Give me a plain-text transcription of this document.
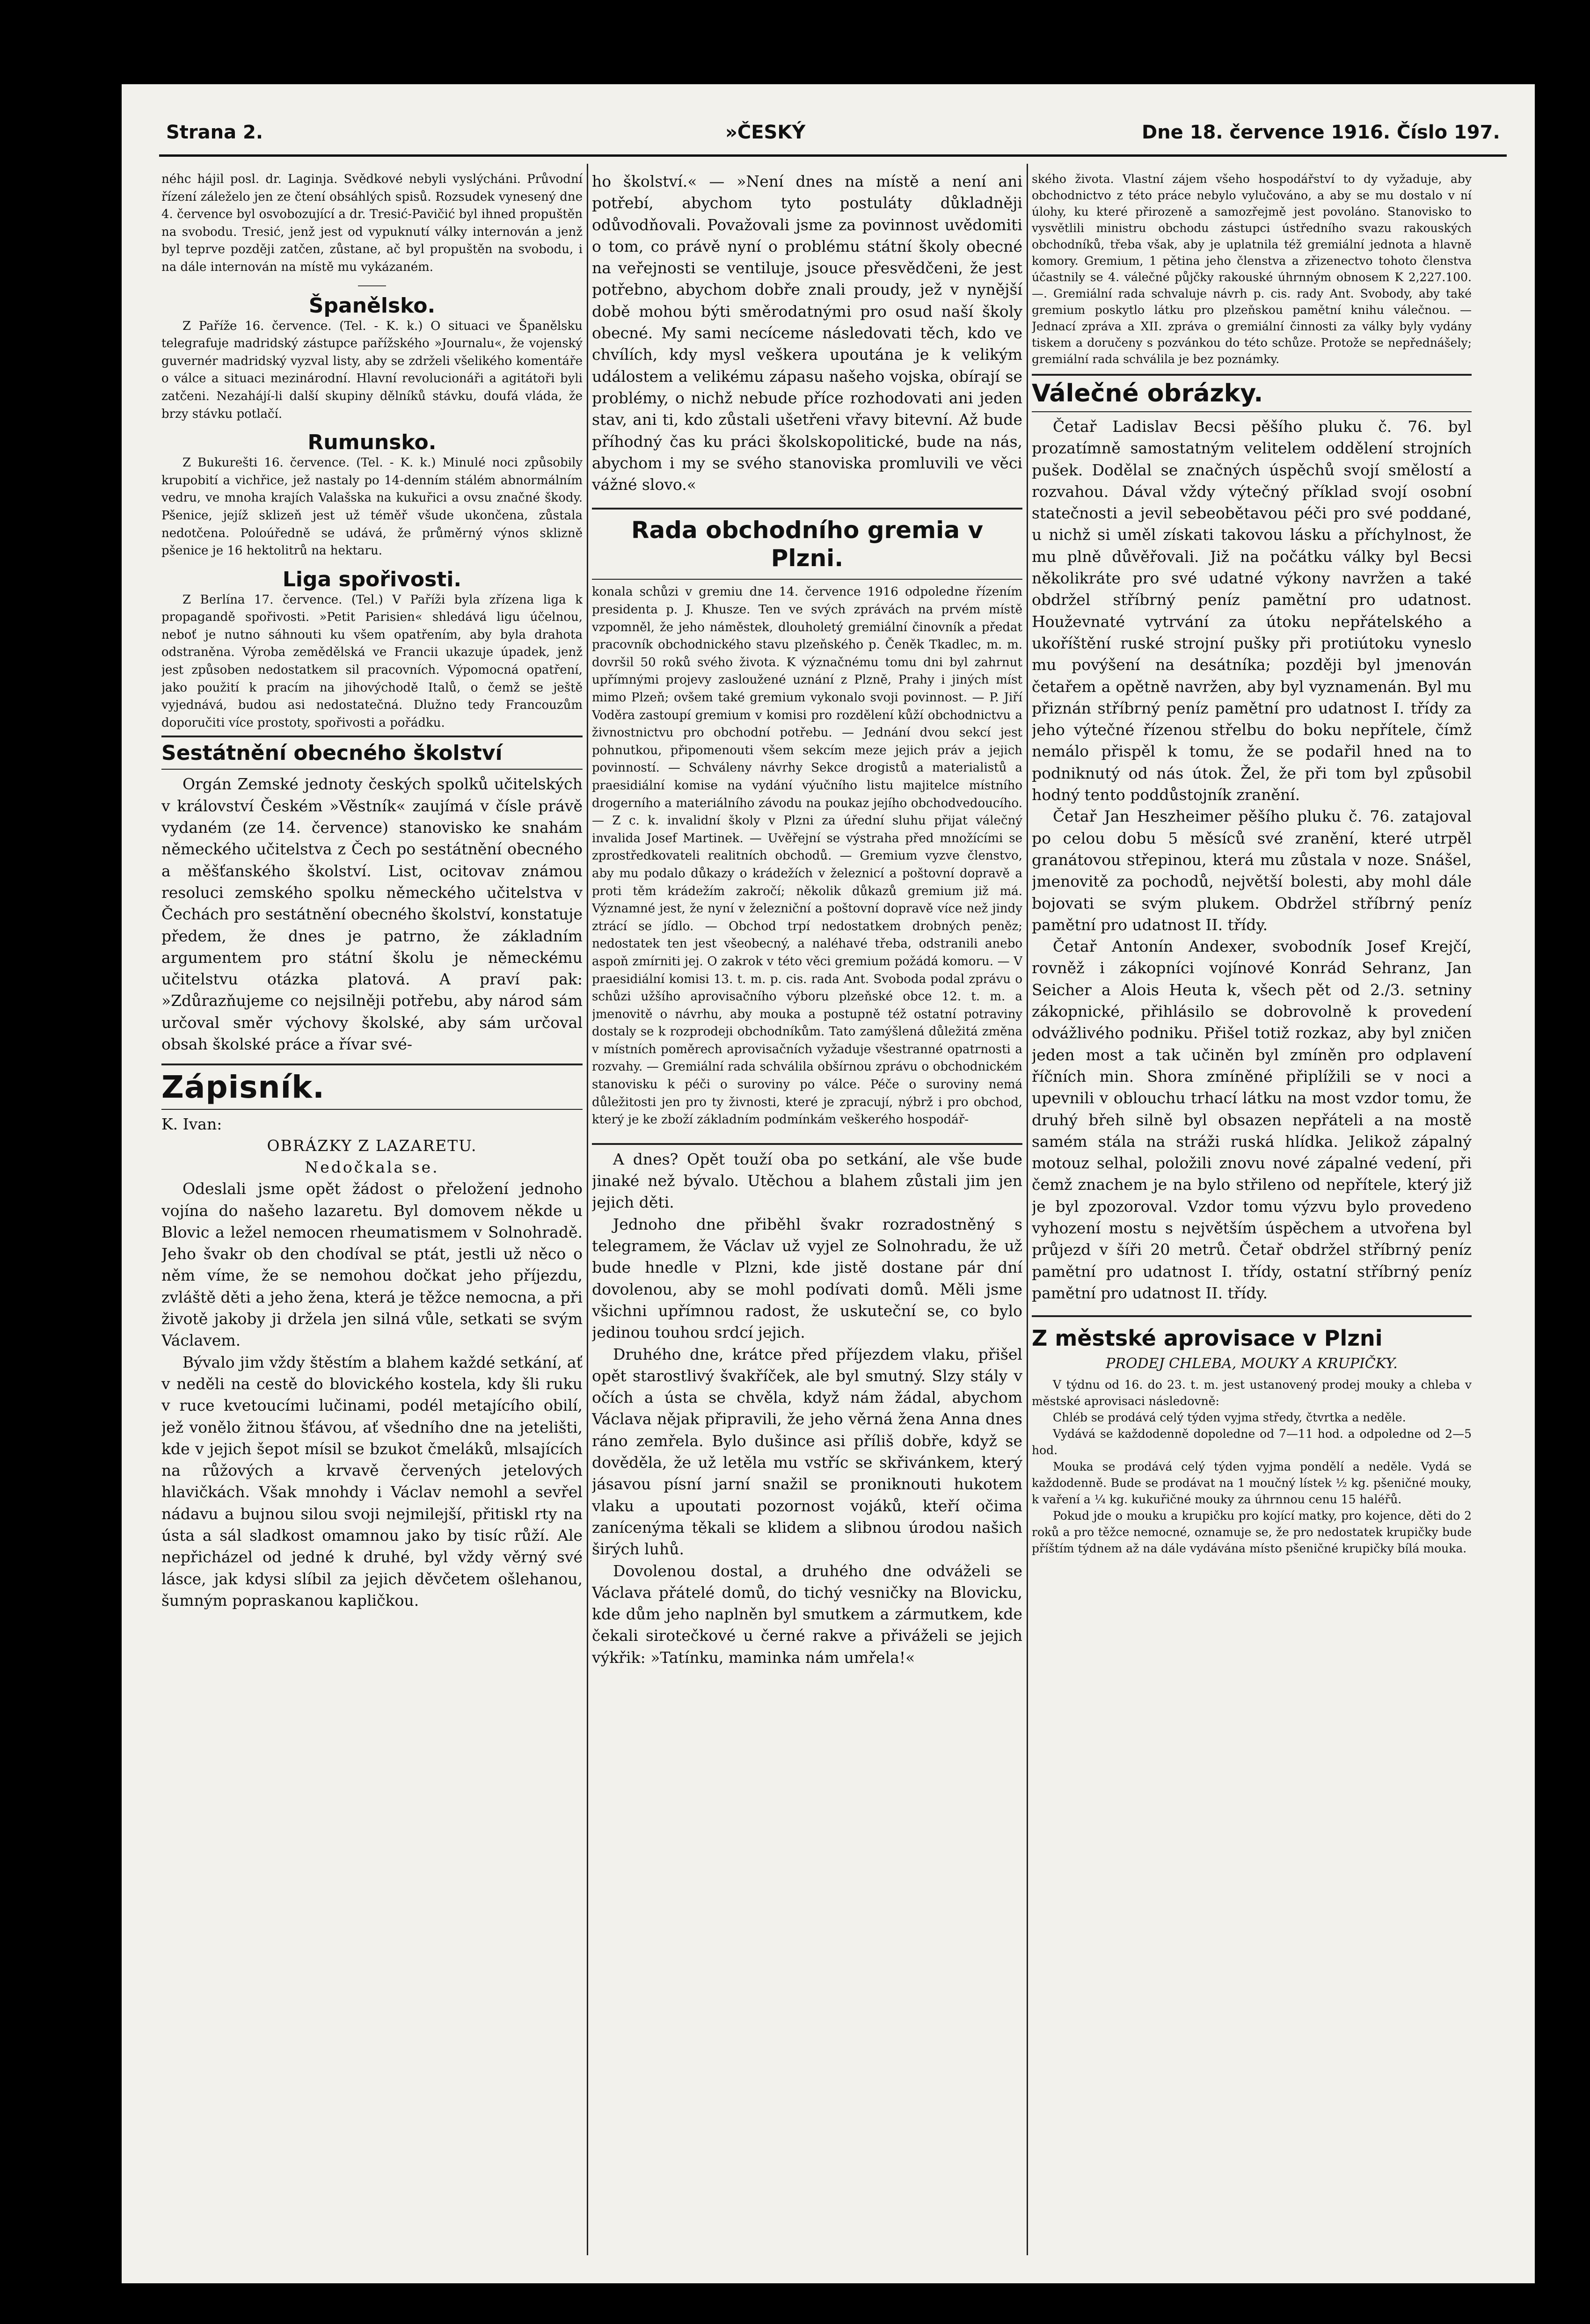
Strana 2.	»ČESKÝ	Dne 18. července 1916. Číslo 197.

néhc hájil posl. dr. Laginja. Svědkové nebyli vyslýcháni. Průvodní řízení záleželo jen ze čtení obsáhlých spisů. Rozsudek vynesený dne 4. července byl osvobozující a dr. Tresić-Pavičić byl ihned propuštěn na svobodu. Tresić, jenž jest od vypuknutí války internován a jenž byl teprve později zatčen, zůstane, ač byl propuštěn na svobodu, i na dále internován na místě mu vykázaném.

Španělsko.

Z Paříže 16. července. (Tel. - K. k.) O situaci ve Španělsku telegrafuje madridský zástupce pařížského »Journalu«, že vojenský guvernér madridský vyzval listy, aby se zdrželi všelikého komentáře o válce a situaci mezinárodní. Hlavní revolucionáři a agitátoři byli zatčeni. Nezahájí-li další skupiny dělníků stávku, doufá vláda, že brzy stávku potlačí.

Rumunsko.

Z Bukurešti 16. července. (Tel. - K. k.) Minulé noci způsobily krupobití a vichřice, jež nastaly po 14-denním stálém abnormálním vedru, ve mnoha krajích Valašska na kukuřici a ovsu značné škody. Pšenice, jejíž sklizeň jest už téměř všude ukončena, zůstala nedotčena. Poloúředně se udává, že průměrný výnos sklizně pšenice je 16 hektolitrů na hektaru.

Liga spořivosti.

Z Berlína 17. července. (Tel.) V Paříži byla zřízena liga k propagandě spořivosti. »Petit Parisien« shledává ligu účelnou, neboť je nutno sáhnouti ku všem opatřením, aby byla drahota odstraněna. Výroba zemědělská ve Francii ukazuje úpadek, jenž jest způsoben nedostatkem sil pracovních. Výpomocná opatření, jako použití k pracím na jihovýchodě Italů, o čemž se ještě vyjednává, budou asi nedostatečná. Dlužno tedy Francouzům doporučiti více prostoty, spořivosti a pořádku.

Sestátnění obecného školství

Orgán Zemské jednoty českých spolků učitelských v království Českém »Věstník« zaujímá v čísle právě vydaném (ze 14. července) stanovisko ke snahám německého učitelstva z Čech po sestátnění obecného a měšťanského školství. List, ocitovav známou resoluci zemského spolku německého učitelstva v Čechách pro sestátnění obecného školství, konstatuje předem, že dnes je patrno, že základním argumentem pro státní školu je německému učitelstvu otázka platová. A praví pak: »Zdůrazňujeme co nejsilněji potřebu, aby národ sám určoval směr výchovy školské, aby sám určoval obsah školské práce a řívar své-

Zápisník.

K. Ivan:

OBRÁZKY Z LAZARETU.

Nedočkala se.

Odeslali jsme opět žádost o přeložení jednoho vojína do našeho lazaretu. Byl domovem někde u Blovic a ležel nemocen rheumatismem v Solnohradě. Jeho švakr ob den chodíval se ptát, jestli už něco o něm víme, že se nemohou dočkat jeho příjezdu, zvláště děti a jeho žena, která je těžce nemocna, a při životě jakoby ji držela jen silná vůle, setkati se svým Václavem.

Bývalo jim vždy štěstím a blahem každé setkání, ať v neděli na cestě do blovického kostela, kdy šli ruku v ruce kvetoucími lučinami, podél metajícího obilí, jež vonělo žitnou šťávou, ať všedního dne na jetelišti, kde v jejich šepot mísil se bzukot čmeláků, mlsajících na růžových a krvavě červených jetelových hlavičkách. Však mnohdy i Václav nemohl a sevřel nádavu a bujnou silou svoji nejmilejší, přitiskl rty na ústa a sál sladkost omamnou jako by tisíc růží. Ale nepřicházel od jedné k druhé, byl vždy věrný své lásce, jak kdysi slíbil za jejich děvčetem ošlehanou, šumným popraskanou kapličkou.

ho školství.« — »Není dnes na místě a není ani potřebí, abychom tyto postuláty důkladněji odůvodňovali. Považovali jsme za povinnost uvědomiti o tom, co právě nyní o problému státní školy obecné na veřejnosti se ventiluje, jsouce přesvědčeni, že jest potřebno, abychom dobře znali proudy, jež v nynější době mohou býti směrodatnými pro osud naší školy obecné. My sami necíceme následovati těch, kdo ve chvílích, kdy mysl veškera upoutána je k velikým událostem a velikému zápasu našeho vojska, obírají se problémy, o nichž nebude příce rozhodovati ani jeden stav, ani ti, kdo zůstali ušetřeni vřavy bitevní. Až bude příhodný čas ku práci školskopolitické, bude na nás, abychom i my se svého stanoviska promluvili ve věci vážné slovo.«

Rada obchodního gremia v Plzni.

konala schůzi v gremiu dne 14. července 1916 odpoledne řízením presidenta p. J. Khusze. Ten ve svých zprávách na prvém místě vzpomněl, že jeho náměstek, dlouholetý gremiální činovník a předat pracovník obchodnického stavu plzeňského p. Čeněk Tkadlec, m. m. dovršil 50 roků svého života. K význačnému tomu dni byl zahrnut upřímnými projevy zasloužené uznání z Plzně, Prahy i jiných míst mimo Plzeň; ovšem také gremium vykonalo svoji povinnost. — P. Jiří Voděra zastoupí gremium v komisi pro rozdělení kůží obchodnictvu a živnostnictvu pro obchodní potřebu. — Jednání dvou sekcí jest pohnutkou, připomenouti všem sekcím meze jejich práv a jejich povinností. — Schváleny návrhy Sekce drogistů a materialistů a praesidiální komise na vydání výučního listu majitelce místního drogerního a materiálního závodu na poukaz jejího obchodvedoucího. — Z c. k. invalidní školy v Plzni za úřední sluhu přijat válečný invalida Josef Martinek. — Uvěřejní se výstraha před množícími se zprostředkovateli realitních obchodů. — Gremium vyzve členstvo, aby mu podalo důkazy o krádežích v železnicí a poštovní dopravě a proti těm krádežím zakročí; několik důkazů gremium již má. Významné jest, že nyní v železniční a poštovní dopravě více než jindy ztrácí se jídlo. — Obchod trpí nedostatkem drobných peněz; nedostatek ten jest všeobecný, a naléhavé třeba, odstranili anebo aspoň zmírniti jej. O zakrok v této věci gremium požádá komoru. — V praesidiální komisi 13. t. m. p. cis. rada Ant. Svoboda podal zprávu o schůzi užšího aprovisačního výboru plzeňské obce 12. t. m. a jmenovitě o návrhu, aby mouka a postupně též ostatní potraviny dostaly se k rozprodeji obchodníkům. Tato zamýšlená důležitá změna v místních poměrech aprovisačních vyžaduje všestranné opatrnosti a rozvahy. — Gremiální rada schválila obšírnou zprávu o obchodnickém stanovisku k péči o suroviny po válce. Péče o suroviny nemá důležitosti jen pro ty živnosti, které je zpracují, nýbrž i pro obchod, který je ke zboží základním podmínkám veškerého hospodář-

A dnes? Opět touží oba po setkání, ale vše bude jinaké než bývalo. Utěchou a blahem zůstali jim jen jejich děti.

Jednoho dne přiběhl švakr rozradostněný s telegramem, že Václav už vyjel ze Solnohradu, že už bude hnedle v Plzni, kde jistě dostane pár dní dovolenou, aby se mohl podívati domů. Měli jsme všichni upřímnou radost, že uskuteční se, co bylo jedinou touhou srdcí jejich.

Druhého dne, krátce před příjezdem vlaku, přišel opět starostlivý švakříček, ale byl smutný. Slzy stály v očích a ústa se chvěla, když nám žádal, abychom Václava nějak připravili, že jeho věrná žena Anna dnes ráno zemřela. Bylo dušince asi příliš dobře, když se dověděla, že už letěla mu vstříc se skřivánkem, který jásavou písní jarní snažil se proniknouti hukotem vlaku a upoutati pozornost vojáků, kteří očima zanícenýma těkali se klidem a slibnou úrodou našich širých luhů.

Dovolenou dostal, a druhého dne odváželi se Václava přátelé domů, do tichý vesničky na Blovicku, kde dům jeho naplněn byl smutkem a zármutkem, kde čekali sirotečkové u černé rakve a přiváželi se jejich výkřik: »Tatínku, maminka nám umřela!«

ského života. Vlastní zájem všeho hospodářství to dy vyžaduje, aby obchodnictvo z této práce nebylo vylučováno, a aby se mu dostalo v ní úlohy, ku které přirozeně a samozřejmě jest povoláno. Stanovisko to vysvětlili ministru obchodu zástupci ústředního svazu rakouských obchodníků, třeba však, aby je uplatnila též gremiální jednota a hlavně komory. Gremium, 1 pětina jeho členstva a zřizenectvo tohoto členstva účastnily se 4. válečné půjčky rakouské úhrnným obnosem K 2,227.100.—. Gremiální rada schvaluje návrh p. cis. rady Ant. Svobody, aby také gremium poskytlo látku pro plzeňskou pamětní knihu válečnou. — Jednací zpráva a XII. zpráva o gremiální činnosti za války byly vydány tiskem a doručeny s pozvánkou do této schůze. Protože se nepřednášely; gremiální rada schválila je bez poznámky.

Válečné obrázky.

Četař Ladislav Becsi pěšího pluku č. 76. byl prozatímně samostatným velitelem oddělení strojních pušek. Dodělal se značných úspěchů svojí smělostí a rozvahou. Dával vždy výtečný příklad svojí osobní statečnosti a jevil sebeobětavou péči pro své poddané, u nichž si uměl získati takovou lásku a příchylnost, že mu plně důvěřovali. Již na počátku války byl Becsi několikráte pro své udatné výkony navržen a také obdržel stříbrný peníz pamětní pro udatnost. Houževnaté vytrvání za útoku nepřátelského a ukoříštění ruské strojní pušky při protiútoku vyneslo mu povýšení na desátníka; později byl jmenován četařem a opětně navržen, aby byl vyznamenán. Byl mu přiznán stříbrný peníz pamětní pro udatnost I. třídy za jeho výtečné řízenou střelbu do boku nepřítele, čímž nemálo přispěl k tomu, že se podařil hned na to podniknutý od nás útok. Žel, že při tom byl způsobil hodný tento poddůstojník zranění.

Četař Jan Heszheimer pěšího pluku č. 76. zatajoval po celou dobu 5 měsíců své zranění, které utrpěl granátovou střepinou, která mu zůstala v noze. Snášel, jmenovitě za pochodů, největší bolesti, aby mohl dále bojovati se svým plukem. Obdržel stříbrný peníz pamětní pro udatnost II. třídy.

Četař Antonín Andexer, svobodník Josef Krejčí, rovněž i zákopníci vojínové Konrád Sehranz, Jan Seicher a Alois Heuta k, všech pět od 2./3. setniny zákopnické, přihlásilo se dobrovolně k provedení odvážlivého podniku. Přišel totiž rozkaz, aby byl zničen jeden most a tak učiněn byl zmíněn pro odplavení říčních min. Shora zmíněné připlížili se v noci a upevnili v oblouchu trhací látku na most vzdor tomu, že druhý břeh silně byl obsazen nepřáteli a na mostě samém stála na stráži ruská hlídka. Jelikož zápalný motouz selhal, položili znovu nové zápalné vedení, při čemž znachem je na bylo střileno od nepřítele, který již je byl zpozoroval. Vzdor tomu výzvu bylo provedeno vyhození mostu s největším úspěchem a utvořena byl průjezd v šíři 20 metrů. Četař obdržel stříbrný peníz pamětní pro udatnost I. třídy, ostatní stříbrný peníz pamětní pro udatnost II. třídy.

Z městské aprovisace v Plzni

PRODEJ CHLEBA, MOUKY A KRUPIČKY.

V týdnu od 16. do 23. t. m. jest ustanovený prodej mouky a chleba v městské aprovisaci následovně:

Chléb se prodává celý týden vyjma středy, čtvrtka a neděle.

Vydává se každodenně dopoledne od 7—11 hod. a odpoledne od 2—5 hod.

Mouka se prodává celý týden vyjma pondělí a neděle. Vydá se každodenně. Bude se prodávat na 1 moučný lístek ½ kg. pšeničné mouky, k vaření a ¼ kg. kukuřičné mouky za úhrnnou cenu 15 haléřů.

Pokud jde o mouku a krupičku pro kojící matky, pro kojence, děti do 2 roků a pro těžce nemocné, oznamuje se, že pro nedostatek krupičky bude příštím týdnem až na dále vydávána místo pšeničné krupičky bílá mouka.
